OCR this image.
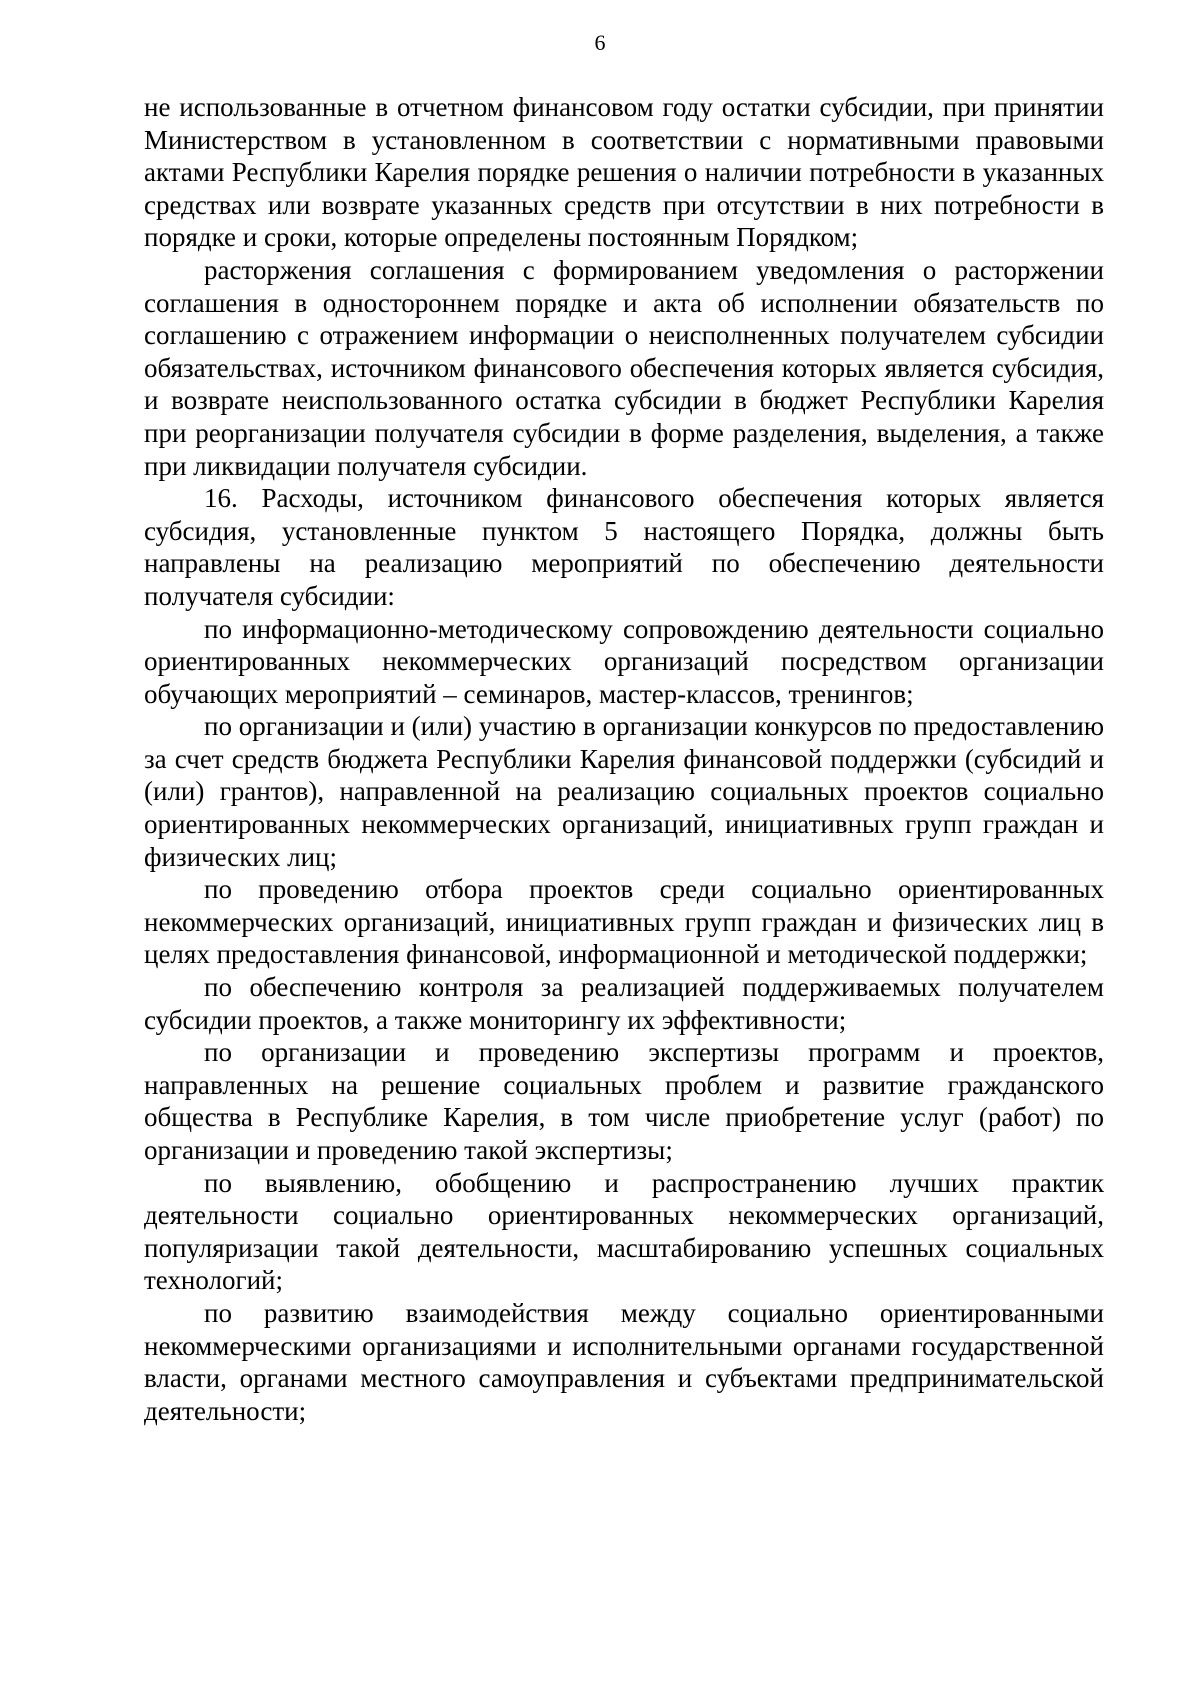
6

не использованные в отчетном финансовом году остатки субсидии, при принятии Министерством в установленном в соответствии с нормативными правовыми актами Республики Карелия порядке решения о наличии потребности в указанных средствах или возврате указанных средств при отсутствии в них потребности в порядке и сроки, которые определены постоянным Порядком;

расторжения соглашения с формированием уведомления о расторжении соглашения в одностороннем порядке и акта об исполнении обязательств по соглашению с отражением информации о неисполненных получателем субсидии обязательствах, источником финансового обеспечения которых является субсидия, и возврате неиспользованного остатка субсидии в бюджет Республики Карелия при реорганизации получателя субсидии в форме разделения, выделения, а также при ликвидации получателя субсидии.

16. Расходы, источником финансового обеспечения которых является субсидия, установленные пунктом 5 настоящего Порядка, должны быть направлены на реализацию мероприятий по обеспечению деятельности получателя субсидии:

по информационно-методическому сопровождению деятельности социально ориентированных некоммерческих организаций посредством организации обучающих мероприятий – семинаров, мастер-классов, тренингов;

по организации и (или) участию в организации конкурсов по предоставлению за счет средств бюджета Республики Карелия финансовой поддержки (субсидий и (или) грантов), направленной на реализацию социальных проектов социально ориентированных некоммерческих организаций, инициативных групп граждан и физических лиц;

по проведению отбора проектов среди социально ориентированных некоммерческих организаций, инициативных групп граждан и физических лиц в целях предоставления финансовой, информационной и методической поддержки;

по обеспечению контроля за реализацией поддерживаемых получателем субсидии проектов, а также мониторингу их эффективности;

по организации и проведению экспертизы программ и проектов, направленных на решение социальных проблем и развитие гражданского общества в Республике Карелия, в том числе приобретение услуг (работ) по организации и проведению такой экспертизы;

по выявлению, обобщению и распространению лучших практик деятельности социально ориентированных некоммерческих организаций, популяризации такой деятельности, масштабированию успешных социальных технологий;

по развитию взаимодействия между социально ориентированными некоммерческими организациями и исполнительными органами государственной власти, органами местного самоуправления и субъектами предпринимательской деятельности;
